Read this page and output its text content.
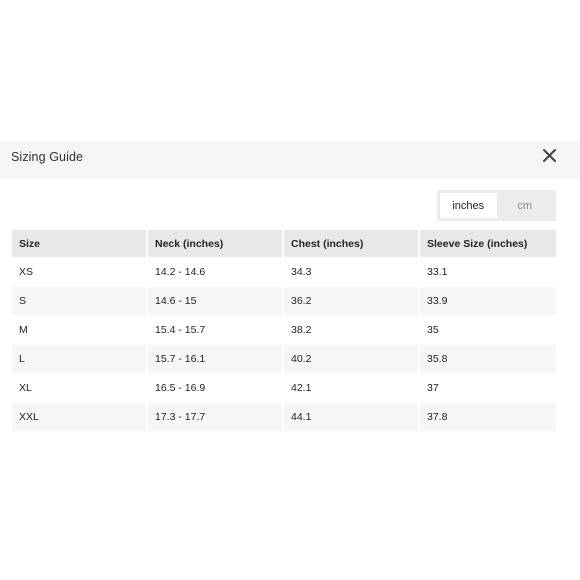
Sizing Guide
inches	cm
Size	Neck (inches)	Chest (inches)	Sleeve Size (inches)
XS	14.2 - 14.6	34.3	33.1
S	14.6 - 15	36.2	33.9
M	15.4 - 15.7	38.2	35
L	15.7 - 16.1	40.2	35.8
XL	16.5 - 16.9	42.1	37
XXL	17.3 - 17.7	44.1	37.8
